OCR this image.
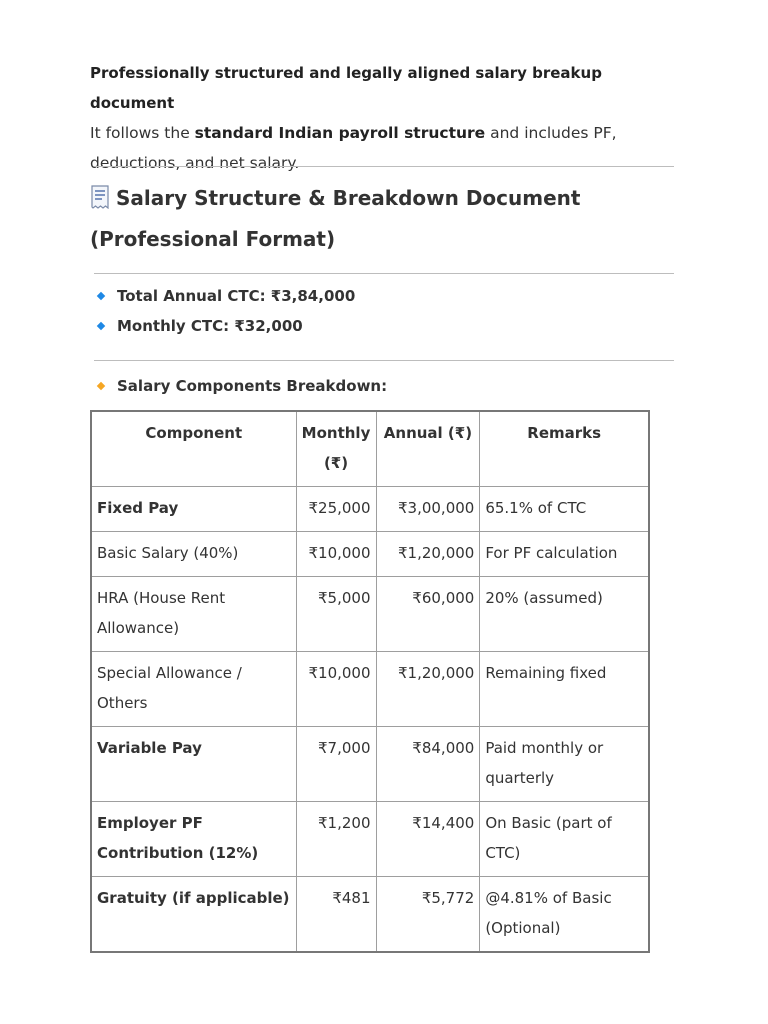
Professionally structured and legally aligned salary breakup document
It follows the standard Indian payroll structure and includes PF,
deductions, and net salary.
Salary Structure & Breakdown Document
(Professional Format)
Total Annual CTC: ₹3,84,000
Monthly CTC: ₹32,000
Salary Components Breakdown:
Component	Monthly (₹)	Annual (₹)	Remarks
Fixed Pay	₹25,000	₹3,00,000	65.1% of CTC
Basic Salary (40%)	₹10,000	₹1,20,000	For PF calculation
HRA (House Rent Allowance)	₹5,000	₹60,000	20% (assumed)
Special Allowance / Others	₹10,000	₹1,20,000	Remaining fixed
Variable Pay	₹7,000	₹84,000	Paid monthly or quarterly
Employer PF Contribution (12%)	₹1,200	₹14,400	On Basic (part of CTC)
Gratuity (if applicable)	₹481	₹5,772	@4.81% of Basic (Optional)
